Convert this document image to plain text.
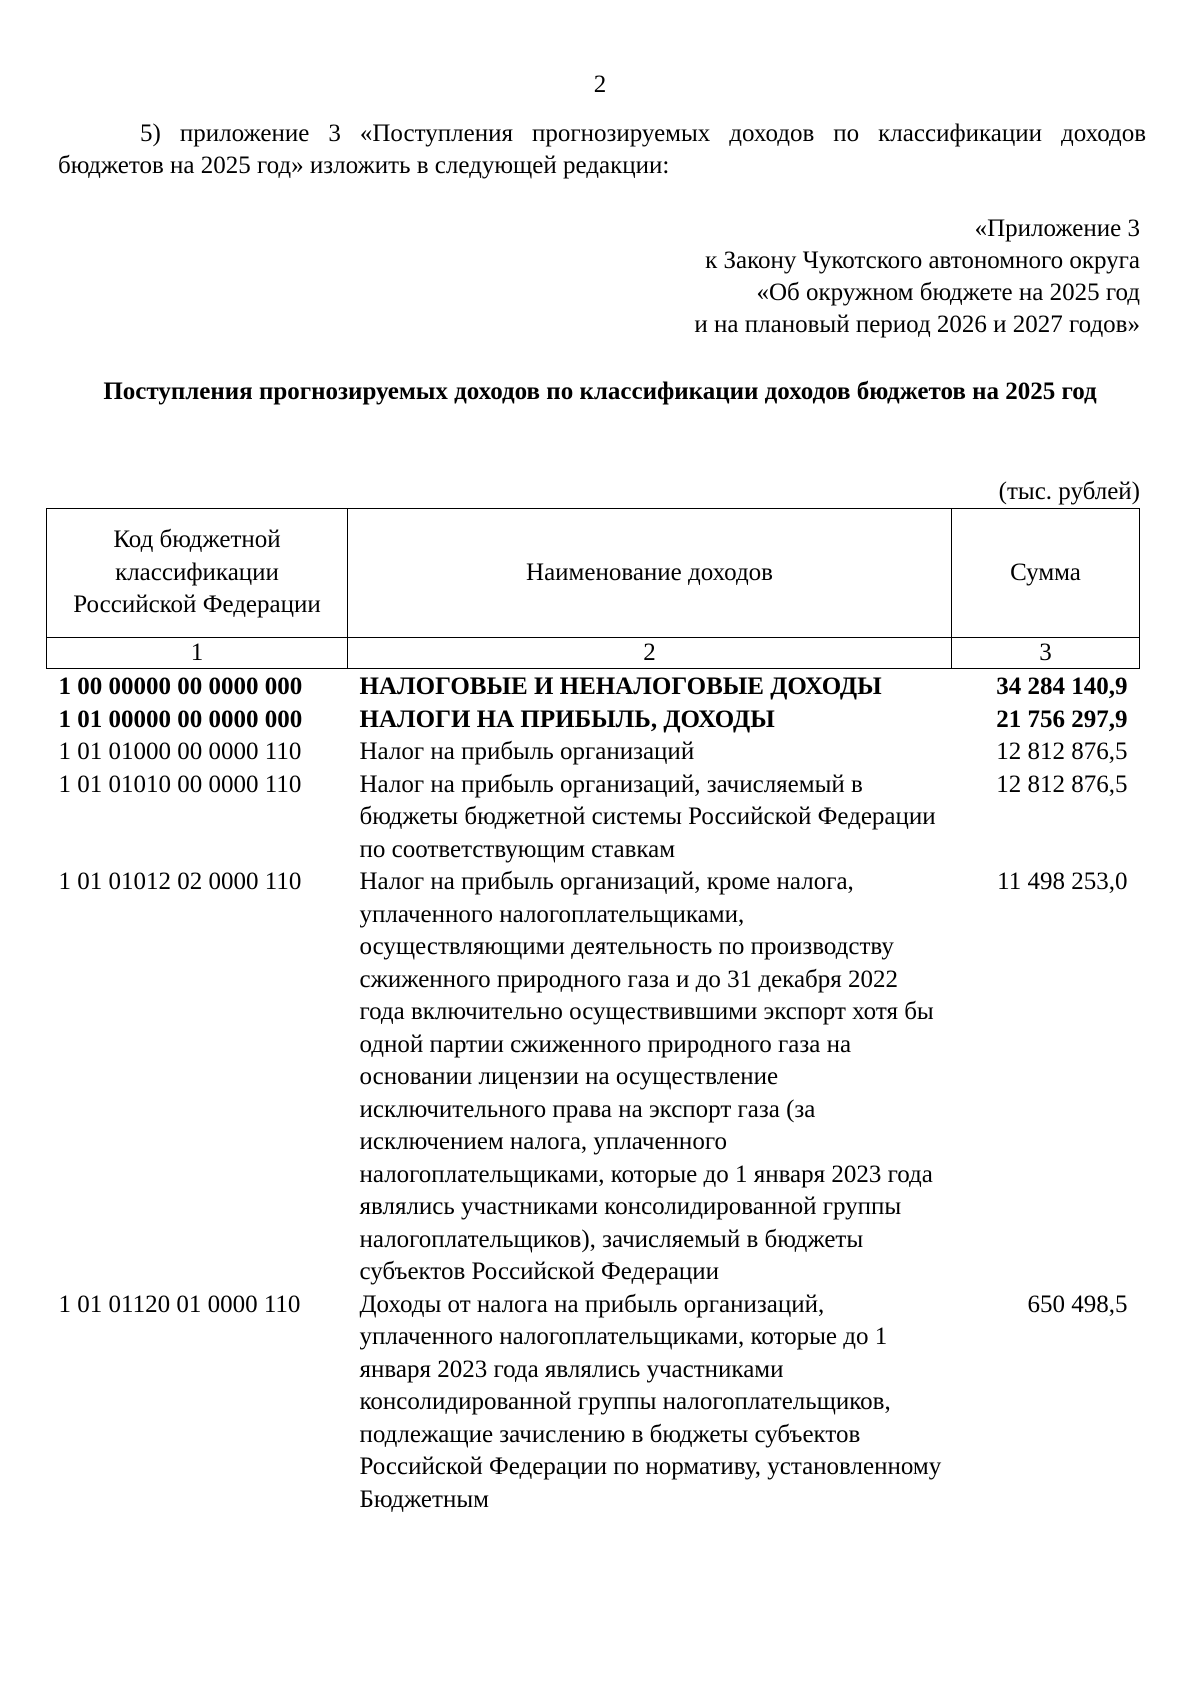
2

5) приложение 3 «Поступления прогнозируемых доходов по классификации доходов бюджетов на 2025 год» изложить в следующей редакции:

«Приложение 3
к Закону Чукотского автономного округа
«Об окружном бюджете на 2025 год
и на плановый период 2026 и 2027 годов»
Поступления прогнозируемых доходов по классификации доходов бюджетов на 2025 год
(тыс. рублей)
Код бюджетной классификации Российской Федерации	Наименование доходов	Сумма
1	2	3
1 00 00000 00 0000 000	НАЛОГОВЫЕ И НЕНАЛОГОВЫЕ ДОХОДЫ	34 284 140,9
1 01 00000 00 0000 000	НАЛОГИ НА ПРИБЫЛЬ, ДОХОДЫ	21 756 297,9
1 01 01000 00 0000 110	Налог на прибыль организаций	12 812 876,5
1 01 01010 00 0000 110	Налог на прибыль организаций, зачисляемый в бюджеты бюджетной системы Российской Федерации по соответствующим ставкам	12 812 876,5
1 01 01012 02 0000 110	Налог на прибыль организаций, кроме налога, уплаченного налогоплательщиками, осуществляющими деятельность по производству сжиженного природного газа и до 31 декабря 2022 года включительно осуществившими экспорт хотя бы одной партии сжиженного природного газа на основании лицензии на осуществление исключительного права на экспорт газа (за исключением налога, уплаченного налогоплательщиками, которые до 1 января 2023 года являлись участниками консолидированной группы налогоплательщиков), зачисляемый в бюджеты субъектов Российской Федерации	11 498 253,0
1 01 01120 01 0000 110	Доходы от налога на прибыль организаций, уплаченного налогоплательщиками, которые до 1 января 2023 года являлись участниками консолидированной группы налогоплательщиков, подлежащие зачислению в бюджеты субъектов Российской Федерации по нормативу, установленному Бюджетным	650 498,5
